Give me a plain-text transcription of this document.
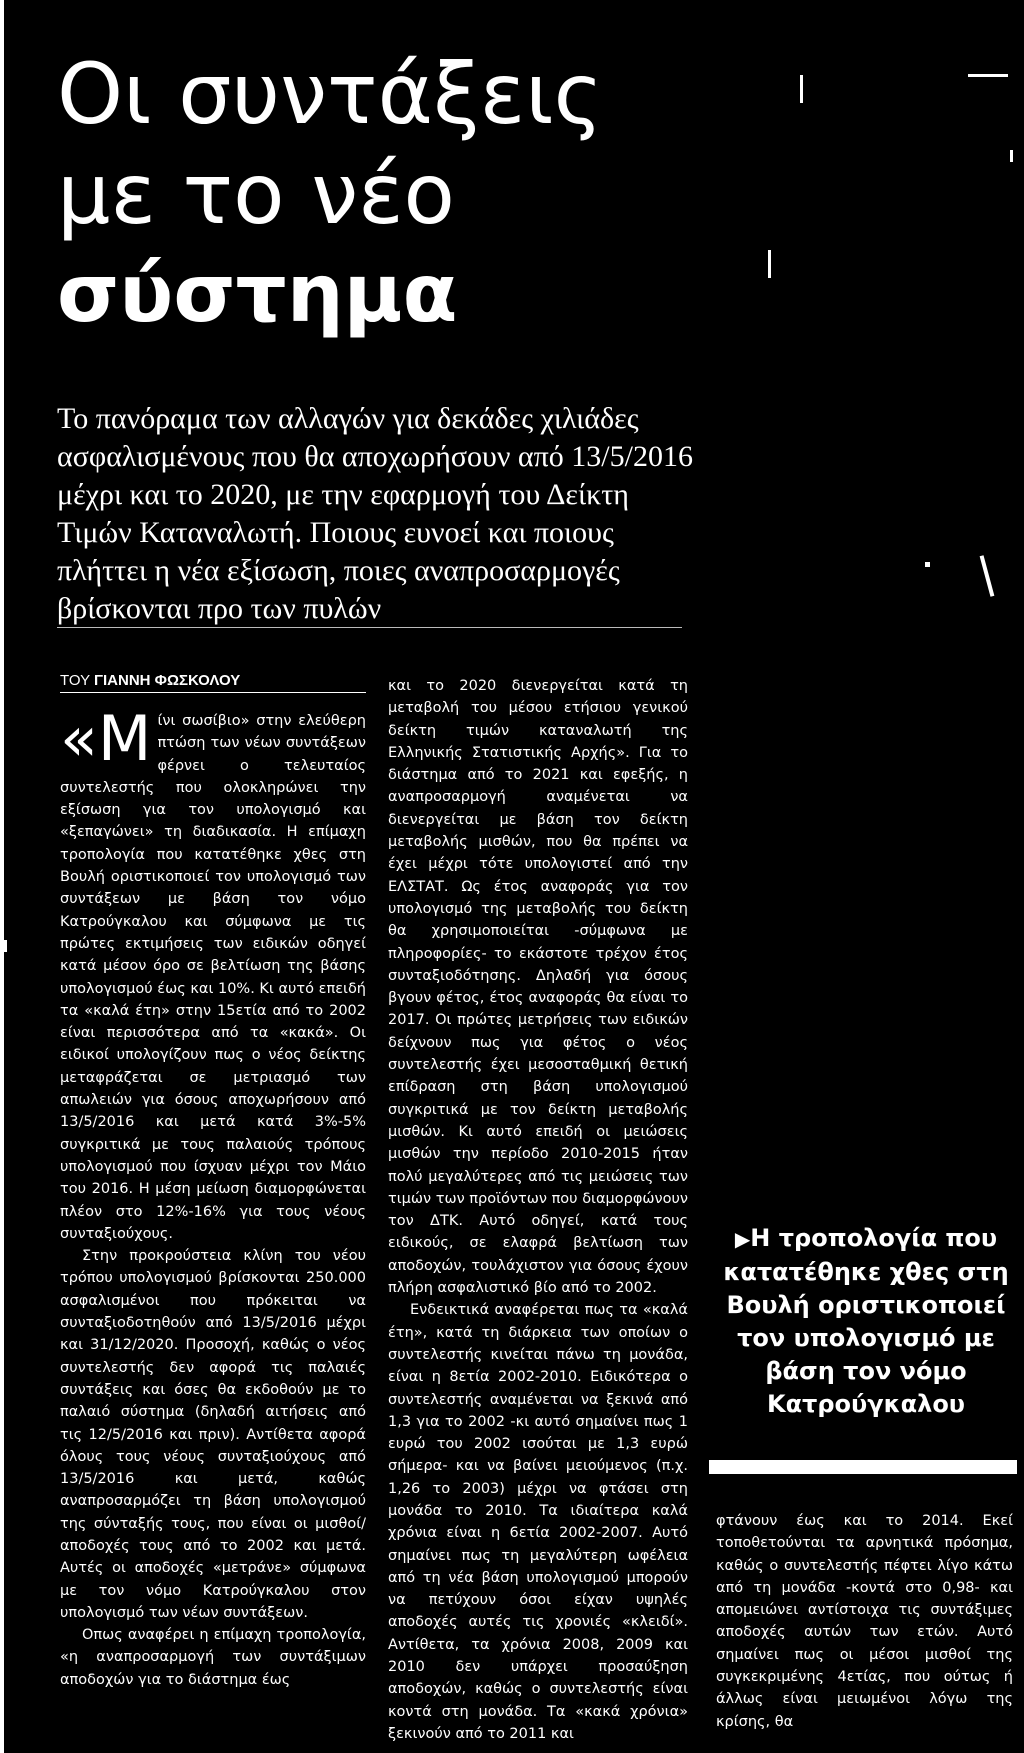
Οι συντάξεις
με το νέο
σύστημα

Το πανόραμα των αλλαγών για δεκάδες χιλιάδες ασφαλισμένους που θα αποχωρήσουν από 13/5/2016 μέχρι και το 2020, με την εφαρμογή του Δείκτη Τιμών Καταναλωτή. Ποιους ευνοεί και ποιους πλήττει η νέα εξίσωση, ποιες αναπροσαρμογές βρίσκονται προ των πυλών

ΤΟΥ ΓΙΑΝΝΗ ΦΩΣΚΟΛΟΥ

«Μίνι σωσίβιο» στην ελεύθερη πτώση των νέων συντάξεων φέρνει ο τελευταίος συντελεστής που ολοκληρώνει την εξίσωση για τον υπολογισμό και «ξεπαγώνει» τη διαδικασία. Η επίμαχη τροπολογία που κατατέθηκε χθες στη Βουλή οριστικοποιεί τον υπολογισμό των συντάξεων με βάση τον νόμο Κατρούγκαλου και σύμφωνα με τις πρώτες εκτιμήσεις των ειδικών οδηγεί κατά μέσον όρο σε βελτίωση της βάσης υπολογισμού έως και 10%. Κι αυτό επειδή τα «καλά έτη» στην 15ετία από το 2002 είναι περισσότερα από τα «κακά». Οι ειδικοί υπολογίζουν πως ο νέος δείκτης μεταφράζεται σε μετριασμό των απωλειών για όσους αποχωρήσουν από 13/5/2016 και μετά κατά 3%-5% συγκριτικά με τους παλαιούς τρόπους υπολογισμού που ίσχυαν μέχρι τον Μάιο του 2016. Η μέση μείωση διαμορφώνεται πλέον στο 12%-16% για τους νέους συνταξιούχους.

Στην προκρούστεια κλίνη του νέου τρόπου υπολογισμού βρίσκονται 250.000 ασφαλισμένοι που πρόκειται να συνταξιοδοτηθούν από 13/5/2016 μέχρι και 31/12/2020. Προσοχή, καθώς ο νέος συντελεστής δεν αφορά τις παλαιές συντάξεις και όσες θα εκδοθούν με το παλαιό σύστημα (δηλαδή αιτήσεις από τις 12/5/2016 και πριν). Αντίθετα αφορά όλους τους νέους συνταξιούχους από 13/5/2016 και μετά, καθώς αναπροσαρμόζει τη βάση υπολογισμού της σύνταξής τους, που είναι οι μισθοί/αποδοχές τους από το 2002 και μετά. Αυτές οι αποδοχές «μετράνε» σύμφωνα με τον νόμο Κατρούγκαλου στον υπολογισμό των νέων συντάξεων.

Οπως αναφέρει η επίμαχη τροπολογία, «η αναπροσαρμογή των συντάξιμων αποδοχών για το διάστημα έως

και το 2020 διενεργείται κατά τη μεταβολή του μέσου ετήσιου γενικού δείκτη τιμών καταναλωτή της Ελληνικής Στατιστικής Αρχής». Για το διάστημα από το 2021 και εφεξής, η αναπροσαρμογή αναμένεται να διενεργείται με βάση τον δείκτη μεταβολής μισθών, που θα πρέπει να έχει μέχρι τότε υπολογιστεί από την ΕΛΣΤΑΤ. Ως έτος αναφοράς για τον υπολογισμό της μεταβολής του δείκτη θα χρησιμοποιείται -σύμφωνα με πληροφορίες- το εκάστοτε τρέχον έτος συνταξιοδότησης. Δηλαδή για όσους βγουν φέτος, έτος αναφοράς θα είναι το 2017. Οι πρώτες μετρήσεις των ειδικών δείχνουν πως για φέτος ο νέος συντελεστής έχει μεσοσταθμική θετική επίδραση στη βάση υπολογισμού συγκριτικά με τον δείκτη μεταβολής μισθών. Κι αυτό επειδή οι μειώσεις μισθών την περίοδο 2010-2015 ήταν πολύ μεγαλύτερες από τις μειώσεις των τιμών των προϊόντων που διαμορφώνουν τον ΔΤΚ. Αυτό οδηγεί, κατά τους ειδικούς, σε ελαφρά βελτίωση των αποδοχών, τουλάχιστον για όσους έχουν πλήρη ασφαλιστικό βίο από το 2002.

Ενδεικτικά αναφέρεται πως τα «καλά έτη», κατά τη διάρκεια των οποίων ο συντελεστής κινείται πάνω τη μονάδα, είναι η 8ετία 2002-2010. Ειδικότερα ο συντελεστής αναμένεται να ξεκινά από 1,3 για το 2002 -κι αυτό σημαίνει πως 1 ευρώ του 2002 ισούται με 1,3 ευρώ σήμερα- και να βαίνει μειούμενος (π.χ. 1,26 το 2003) μέχρι να φτάσει στη μονάδα το 2010. Τα ιδιαίτερα καλά χρόνια είναι η 6ετία 2002-2007. Αυτό σημαίνει πως τη μεγαλύτερη ωφέλεια από τη νέα βάση υπολογισμού μπορούν να πετύχουν όσοι είχαν υψηλές αποδοχές αυτές τις χρονιές «κλειδί». Αντίθετα, τα χρόνια 2008, 2009 και 2010 δεν υπάρχει προσαύξηση αποδοχών, καθώς ο συντελεστής είναι κοντά στη μονάδα. Τα «κακά χρόνια» ξεκινούν από το 2011 και

▶Η τροπολογία που κατατέθηκε χθες στη Βουλή οριστικοποιεί τον υπολογισμό με βάση τον νόμο Κατρούγκαλου

φτάνουν έως και το 2014. Εκεί τοποθετούνται τα αρνητικά πρόσημα, καθώς ο συντελεστής πέφτει λίγο κάτω από τη μονάδα -κοντά στο 0,98- και απομειώνει αντίστοιχα τις συντάξιμες αποδοχές αυτών των ετών. Αυτό σημαίνει πως οι μέσοι μισθοί της συγκεκριμένης 4ετίας, που ούτως ή άλλως είναι μειωμένοι λόγω της κρίσης, θα
